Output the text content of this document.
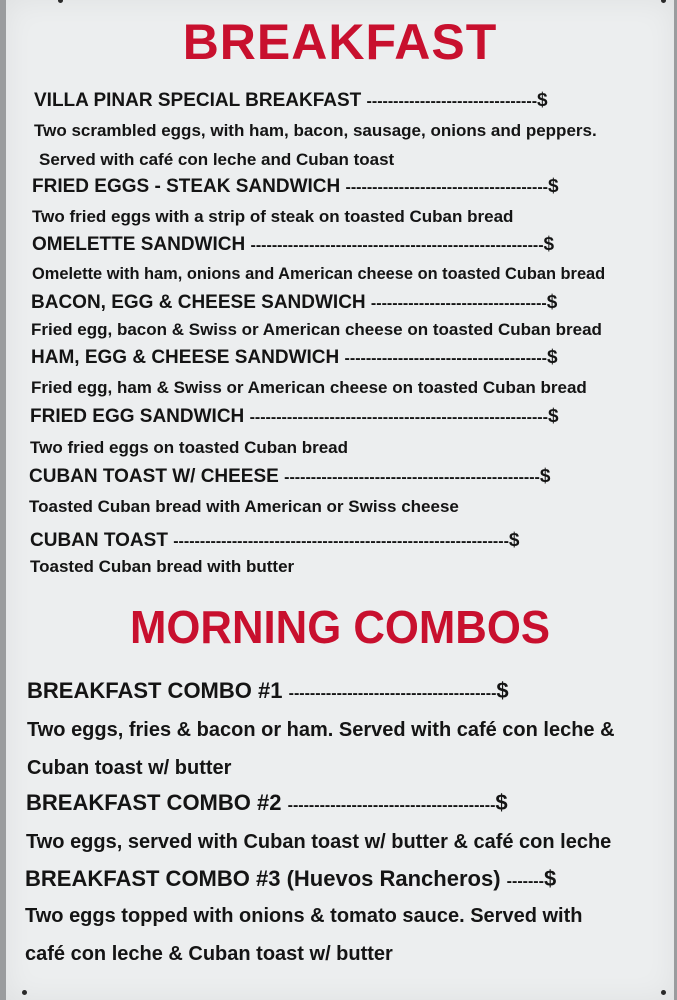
BREAKFAST
VILLA PINAR SPECIAL BREAKFAST --------------------------------$
Two scrambled eggs, with ham, bacon, sausage, onions and peppers.
Served with café con leche and Cuban toast
FRIED EGGS - STEAK SANDWICH --------------------------------------$
Two fried eggs with a strip of steak on toasted Cuban bread
OMELETTE SANDWICH -------------------------------------------------------$
Omelette with ham, onions and American cheese on toasted Cuban bread
BACON, EGG & CHEESE SANDWICH ---------------------------------$
Fried egg, bacon & Swiss or American cheese on toasted Cuban bread
HAM, EGG & CHEESE SANDWICH --------------------------------------$
Fried egg, ham & Swiss or American cheese on toasted Cuban bread
FRIED EGG SANDWICH --------------------------------------------------------$
Two fried eggs on toasted Cuban bread
CUBAN TOAST W/ CHEESE ------------------------------------------------$
Toasted Cuban bread with American or Swiss cheese
CUBAN TOAST ---------------------------------------------------------------$
Toasted Cuban bread with butter
MORNING COMBOS
BREAKFAST COMBO #1 ---------------------------------------$
Two eggs, fries & bacon or ham. Served with café con leche &
Cuban toast w/ butter
BREAKFAST COMBO #2 ---------------------------------------$
Two eggs, served with Cuban toast w/ butter & café con leche
BREAKFAST COMBO #3 (Huevos Rancheros) -------$
Two eggs topped with onions & tomato sauce. Served with
café con leche & Cuban toast w/ butter
